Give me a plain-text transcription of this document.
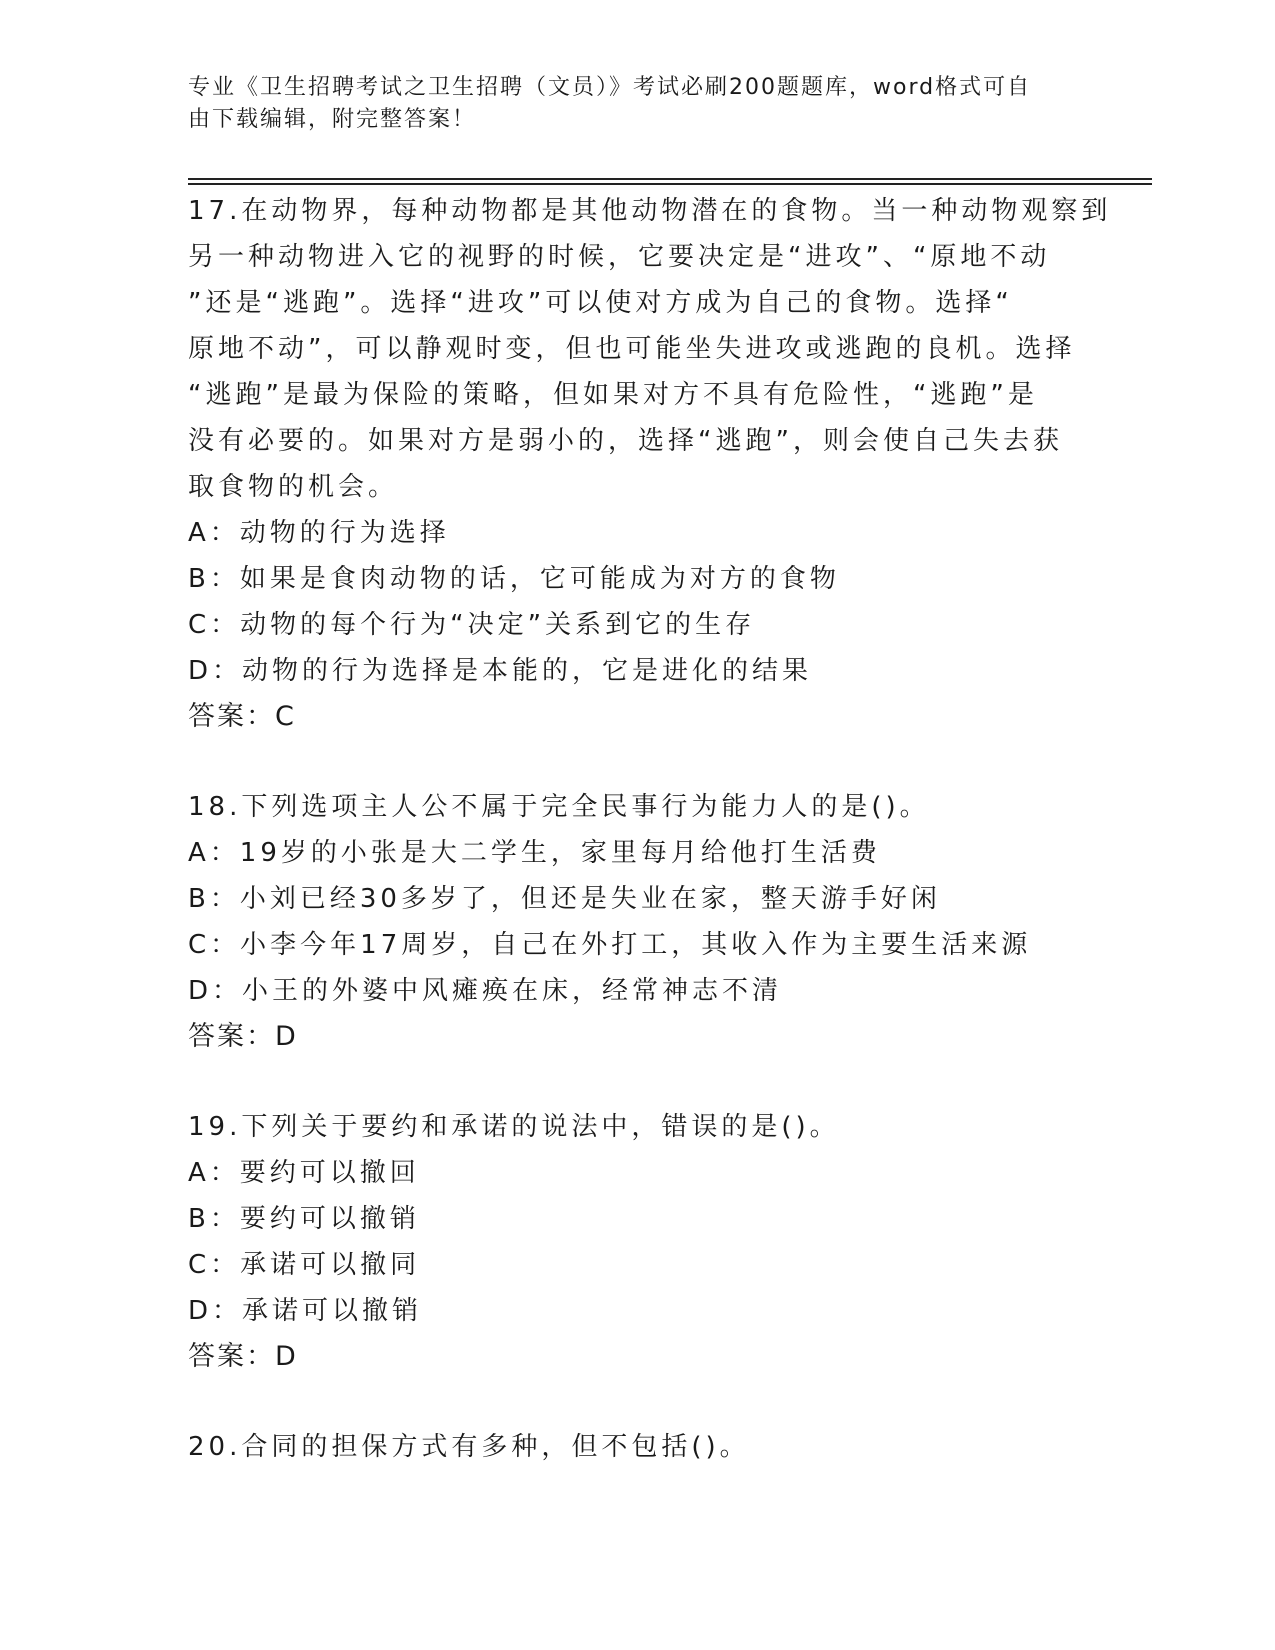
专业《卫生招聘考试之卫生招聘（文员）》考试必刷200题题库，word格式可自
由下载编辑，附完整答案！
17.在动物界，每种动物都是其他动物潜在的食物。当一种动物观察到
另一种动物进入它的视野的时候，它要决定是“进攻”、“原地不动
”还是“逃跑”。选择“进攻”可以使对方成为自己的食物。选择“
原地不动”，可以静观时变，但也可能坐失进攻或逃跑的良机。选择
“逃跑”是最为保险的策略，但如果对方不具有危险性，“逃跑”是
没有必要的。如果对方是弱小的，选择“逃跑”，则会使自己失去获
取食物的机会。
A：动物的行为选择
B：如果是食肉动物的话，它可能成为对方的食物
C：动物的每个行为“决定”关系到它的生存
D：动物的行为选择是本能的，它是进化的结果
答案：C
18.下列选项主人公不属于完全民事行为能力人的是()。
A：19岁的小张是大二学生，家里每月给他打生活费
B：小刘已经30多岁了，但还是失业在家，整天游手好闲
C：小李今年17周岁，自己在外打工，其收入作为主要生活来源
D：小王的外婆中风瘫痪在床，经常神志不清
答案：D
19.下列关于要约和承诺的说法中，错误的是()。
A：要约可以撤回
B：要约可以撤销
C：承诺可以撤同
D：承诺可以撤销
答案：D
20.合同的担保方式有多种，但不包括()。
